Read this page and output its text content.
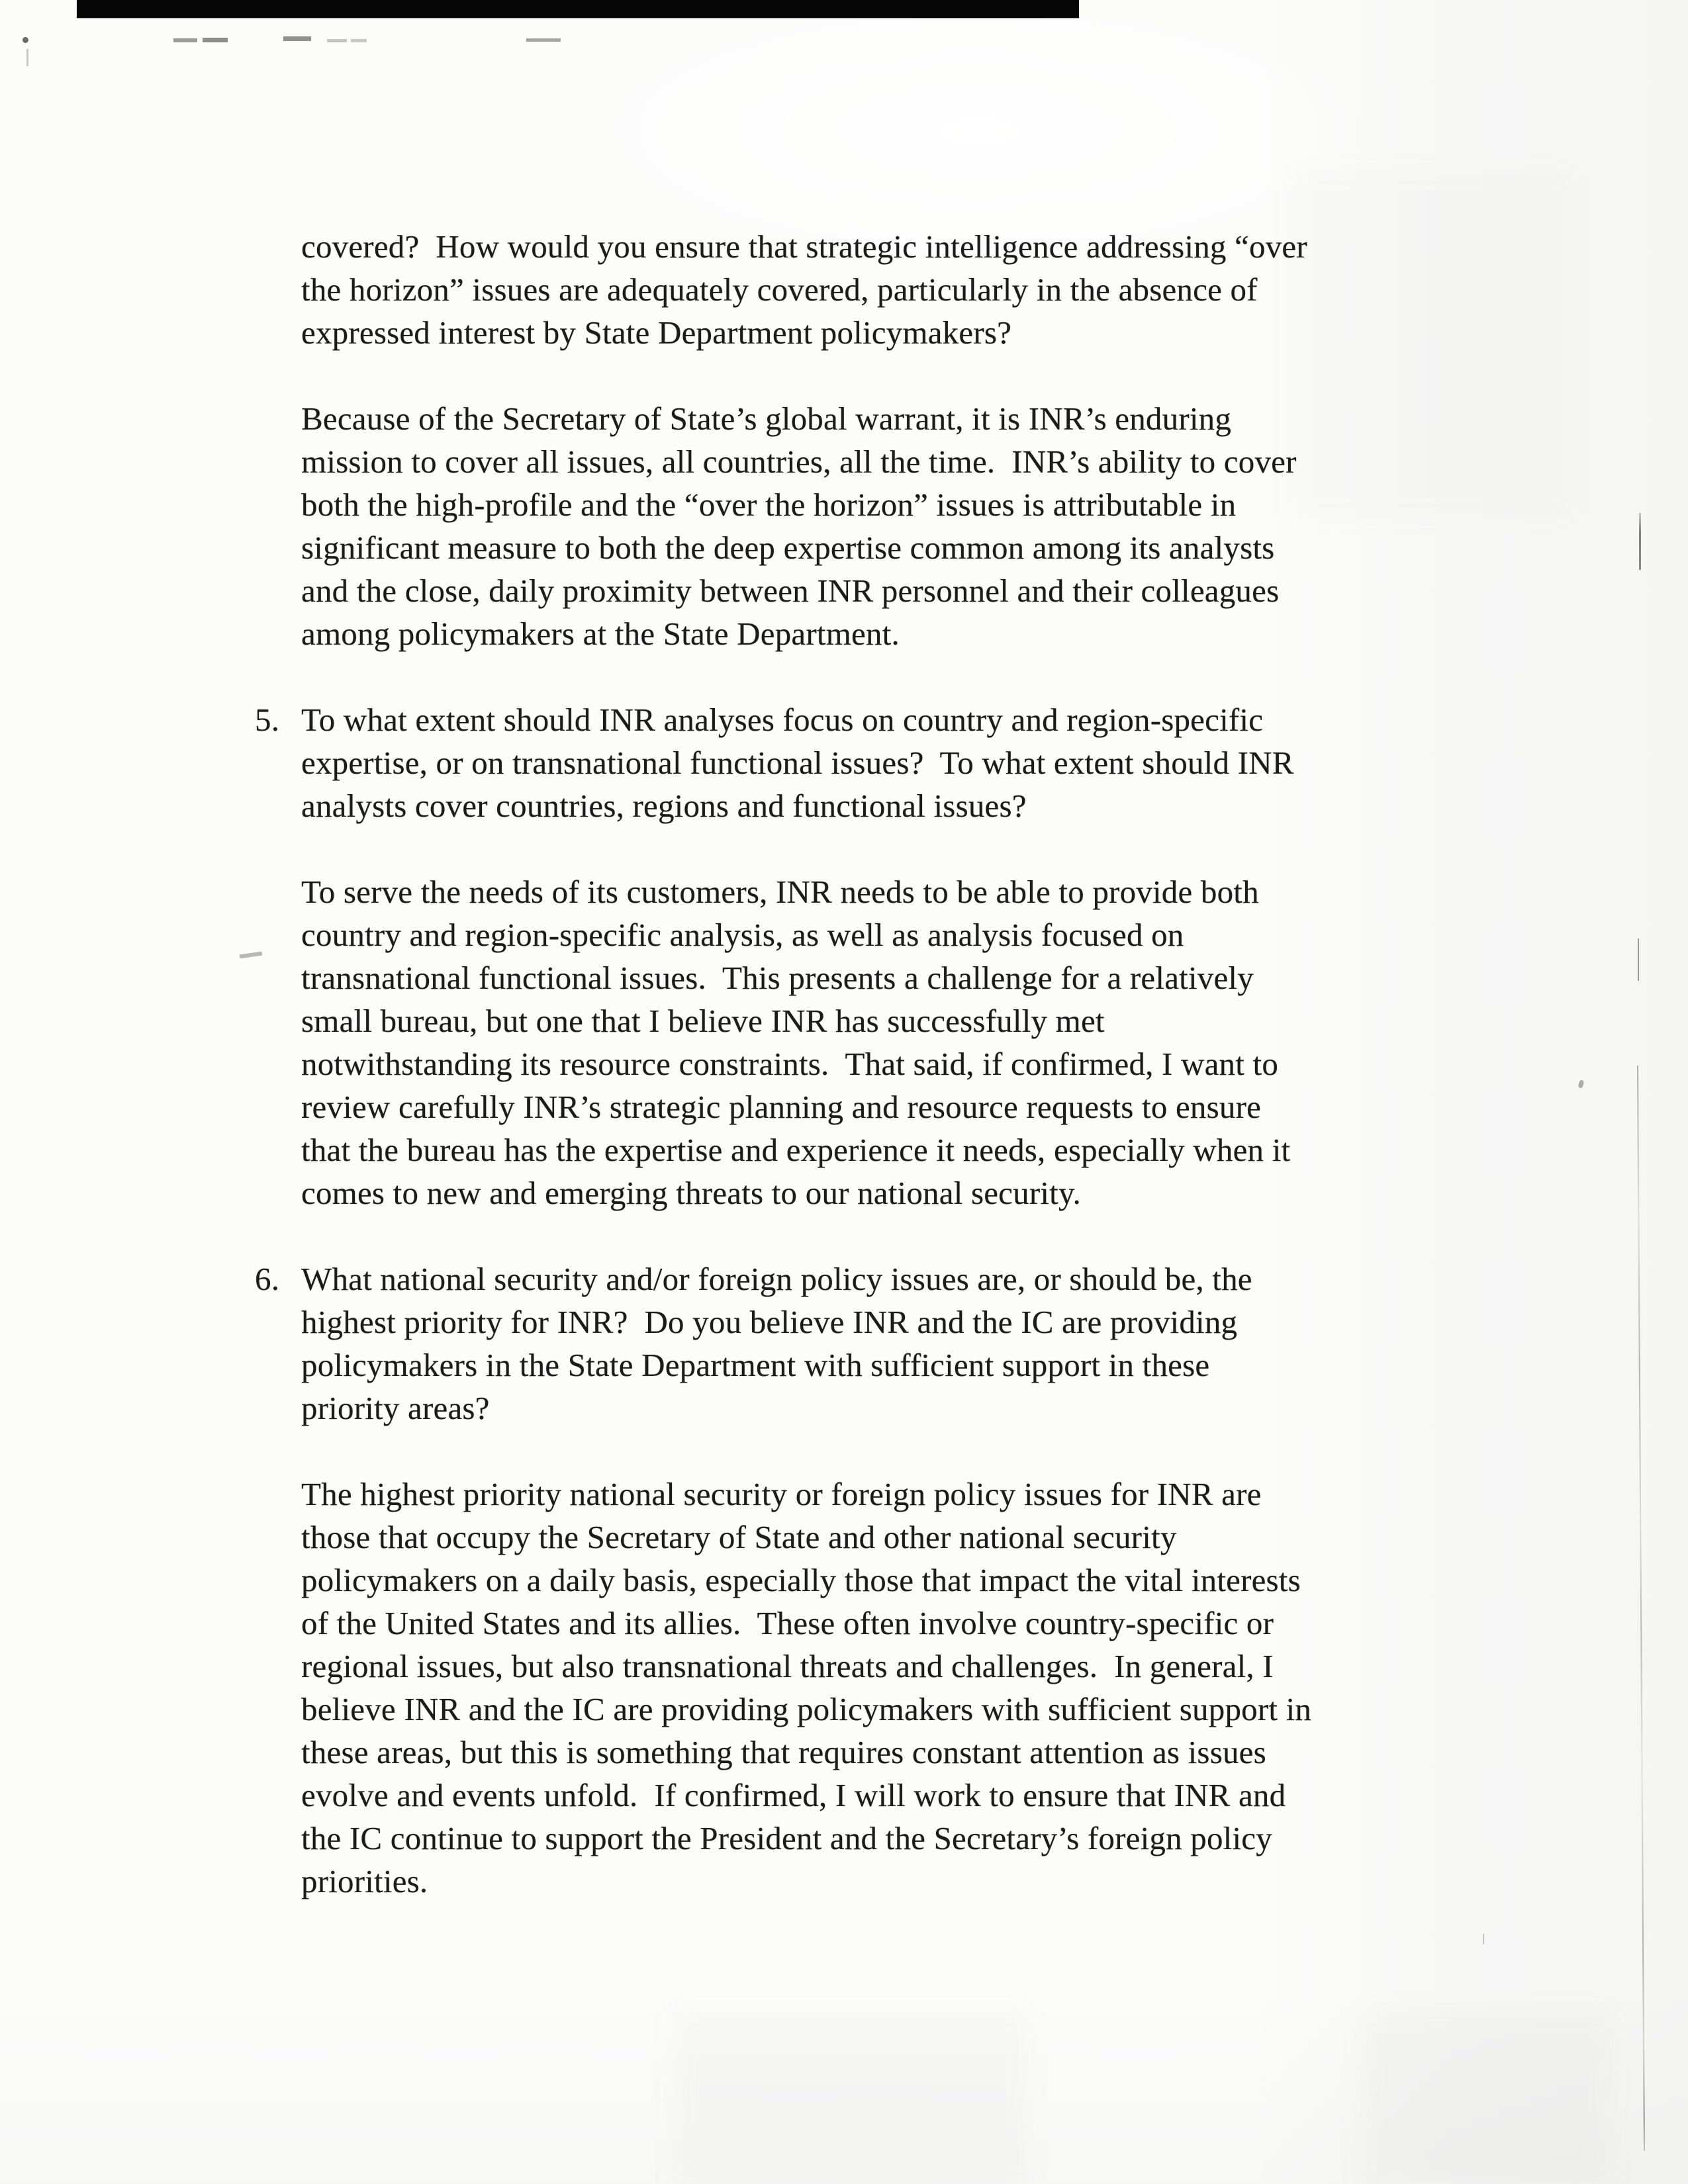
covered?  How would you ensure that strategic intelligence addressing “over
the horizon” issues are adequately covered, particularly in the absence of
expressed interest by State Department policymakers?
Because of the Secretary of State’s global warrant, it is INR’s enduring
mission to cover all issues, all countries, all the time.  INR’s ability to cover
both the high-profile and the “over the horizon” issues is attributable in
significant measure to both the deep expertise common among its analysts
and the close, daily proximity between INR personnel and their colleagues
among policymakers at the State Department.
5. To what extent should INR analyses focus on country and region-specific
expertise, or on transnational functional issues?  To what extent should INR
analysts cover countries, regions and functional issues?
To serve the needs of its customers, INR needs to be able to provide both
country and region-specific analysis, as well as analysis focused on
transnational functional issues.  This presents a challenge for a relatively
small bureau, but one that I believe INR has successfully met
notwithstanding its resource constraints.  That said, if confirmed, I want to
review carefully INR’s strategic planning and resource requests to ensure
that the bureau has the expertise and experience it needs, especially when it
comes to new and emerging threats to our national security.
6. What national security and/or foreign policy issues are, or should be, the
highest priority for INR?  Do you believe INR and the IC are providing
policymakers in the State Department with sufficient support in these
priority areas?
The highest priority national security or foreign policy issues for INR are
those that occupy the Secretary of State and other national security
policymakers on a daily basis, especially those that impact the vital interests
of the United States and its allies.  These often involve country-specific or
regional issues, but also transnational threats and challenges.  In general, I
believe INR and the IC are providing policymakers with sufficient support in
these areas, but this is something that requires constant attention as issues
evolve and events unfold.  If confirmed, I will work to ensure that INR and
the IC continue to support the President and the Secretary’s foreign policy
priorities.
